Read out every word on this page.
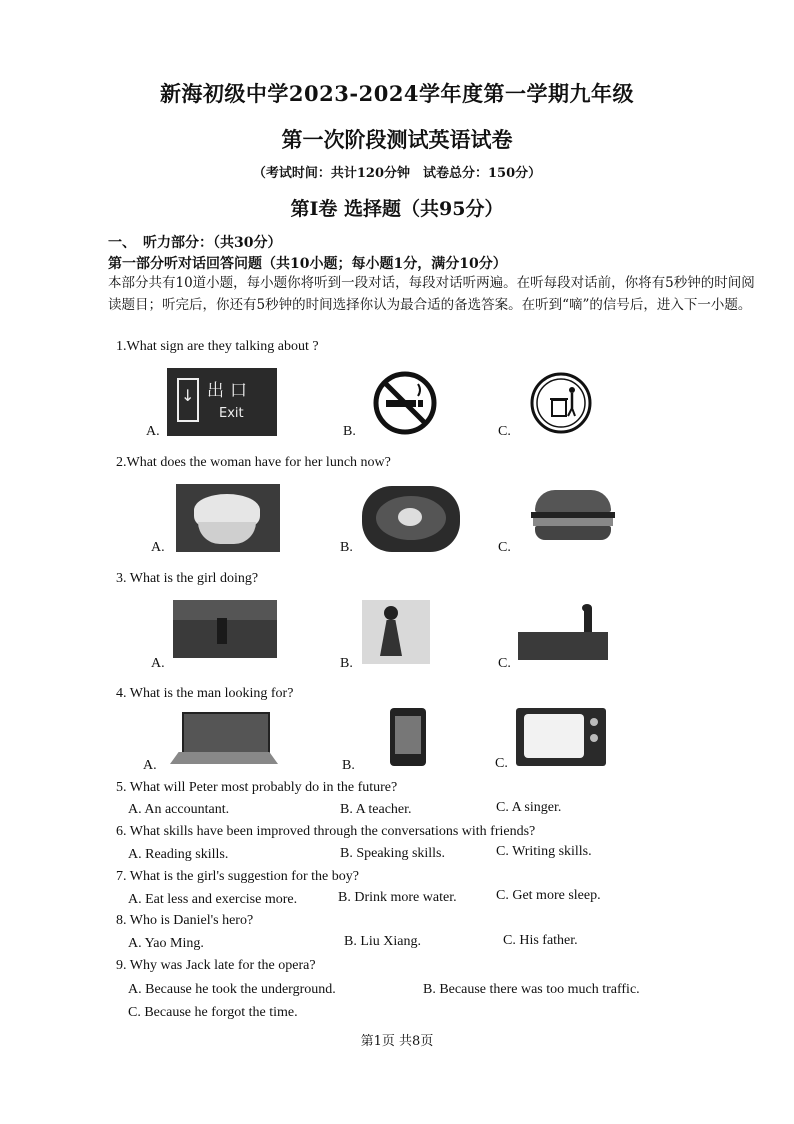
新海初级中学2023-2024学年度第一学期九年级
第一次阶段测试英语试卷
（考试时间：共计120分钟　试卷总分：150分）
第Ⅰ卷 选择题（共95分）
一、　听力部分：（共30分）
第一部分听对话回答问题（共10小题；每小题1分，满分10分）
本部分共有10道小题，每小题你将听到一段对话，每段对话听两遍。在听每段对话前，你将有5秒钟的时间阅读题目；听完后，你还有5秒钟的时间选择你认为最合适的备选答案。在听到“嘀”的信号后，进入下一小题。
1.What sign are they talking about ?
A.
↓ 出口
Exit
B.	C.
2.What does the woman have for her lunch now?
A.	B.	C.
3. What is the girl doing?
A.	B.	C.
4. What is the man looking for?
A.	B.	C.
5. What will Peter most probably do in the future?
A. An accountant.	B. A teacher.	C. A singer.
6. What skills have been improved through the conversations with friends?
A. Reading skills.	B. Speaking skills.	C. Writing skills.
7. What is the girl's suggestion for the boy?
A. Eat less and exercise more.	B. Drink more water.	C. Get more sleep.
8. Who is Daniel's hero?
A. Yao Ming.	B. Liu Xiang.	C. His father.
9. Why was Jack late for the opera?
A. Because he took the underground.	B. Because there was too much traffic.
C. Because he forgot the time.
第1页 共8页
